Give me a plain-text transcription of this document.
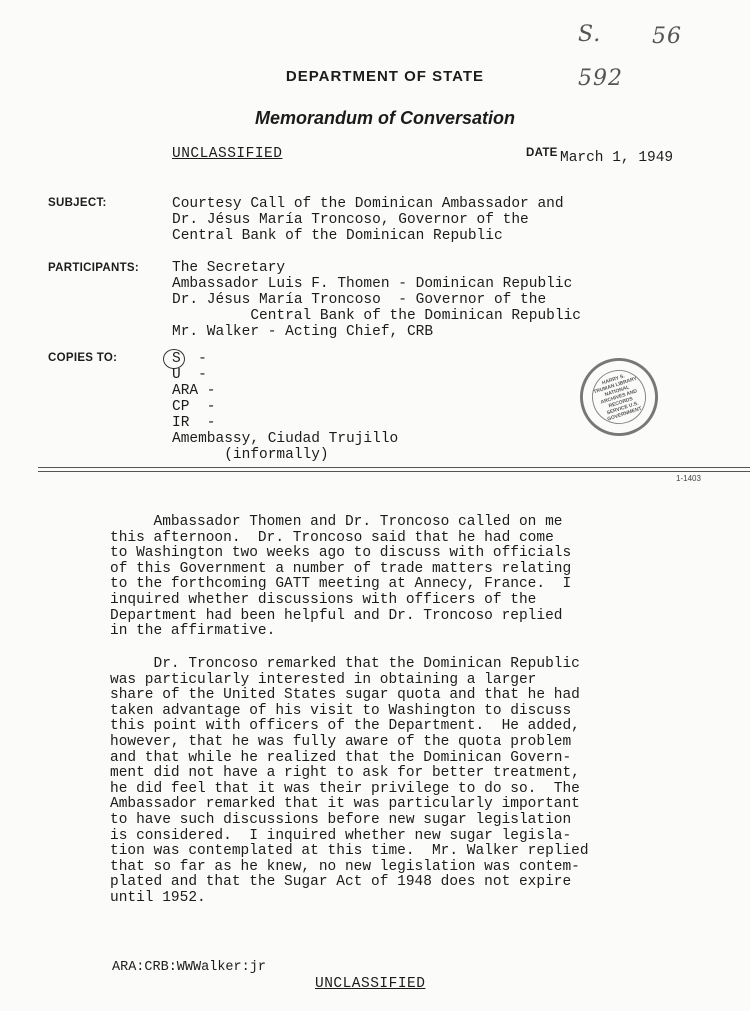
S. 56
592
DEPARTMENT OF STATE
Memorandum of Conversation
UNCLASSIFIED	DATE March 1, 1949
SUBJECT:	Courtesy Call of the Dominican Ambassador and
Dr. Jésus María Troncoso, Governor of the
Central Bank of the Dominican Republic
PARTICIPANTS: The Secretary
Ambassador Luis F. Thomen - Dominican Republic
Dr. Jésus María Troncoso  - Governor of the
Central Bank of the Dominican Republic
Mr. Walker - Acting Chief, CRB
COPIES TO:	S  -
U  -
ARA -
CP  -
IR  -
Amembassy, Ciudad Trujillo
(informally)
HARRY S. TRUMAN LIBRARY NATIONAL ARCHIVES AND RECORDS SERVICE U.S. GOVERNMENT
1-1403
Ambassador Thomen and Dr. Troncoso called on me
this afternoon.  Dr. Troncoso said that he had come
to Washington two weeks ago to discuss with officials
of this Government a number of trade matters relating
to the forthcoming GATT meeting at Annecy, France.  I
inquired whether discussions with officers of the
Department had been helpful and Dr. Troncoso replied
in the affirmative.
Dr. Troncoso remarked that the Dominican Republic
was particularly interested in obtaining a larger
share of the United States sugar quota and that he had
taken advantage of his visit to Washington to discuss
this point with officers of the Department.  He added,
however, that he was fully aware of the quota problem
and that while he realized that the Dominican Govern-
ment did not have a right to ask for better treatment,
he did feel that it was their privilege to do so.  The
Ambassador remarked that it was particularly important
to have such discussions before new sugar legislation
is considered.  I inquired whether new sugar legisla-
tion was contemplated at this time.  Mr. Walker replied
that so far as he knew, no new legislation was contem-
plated and that the Sugar Act of 1948 does not expire
until 1952.
ARA:CRB:WWWalker:jr
UNCLASSIFIED
